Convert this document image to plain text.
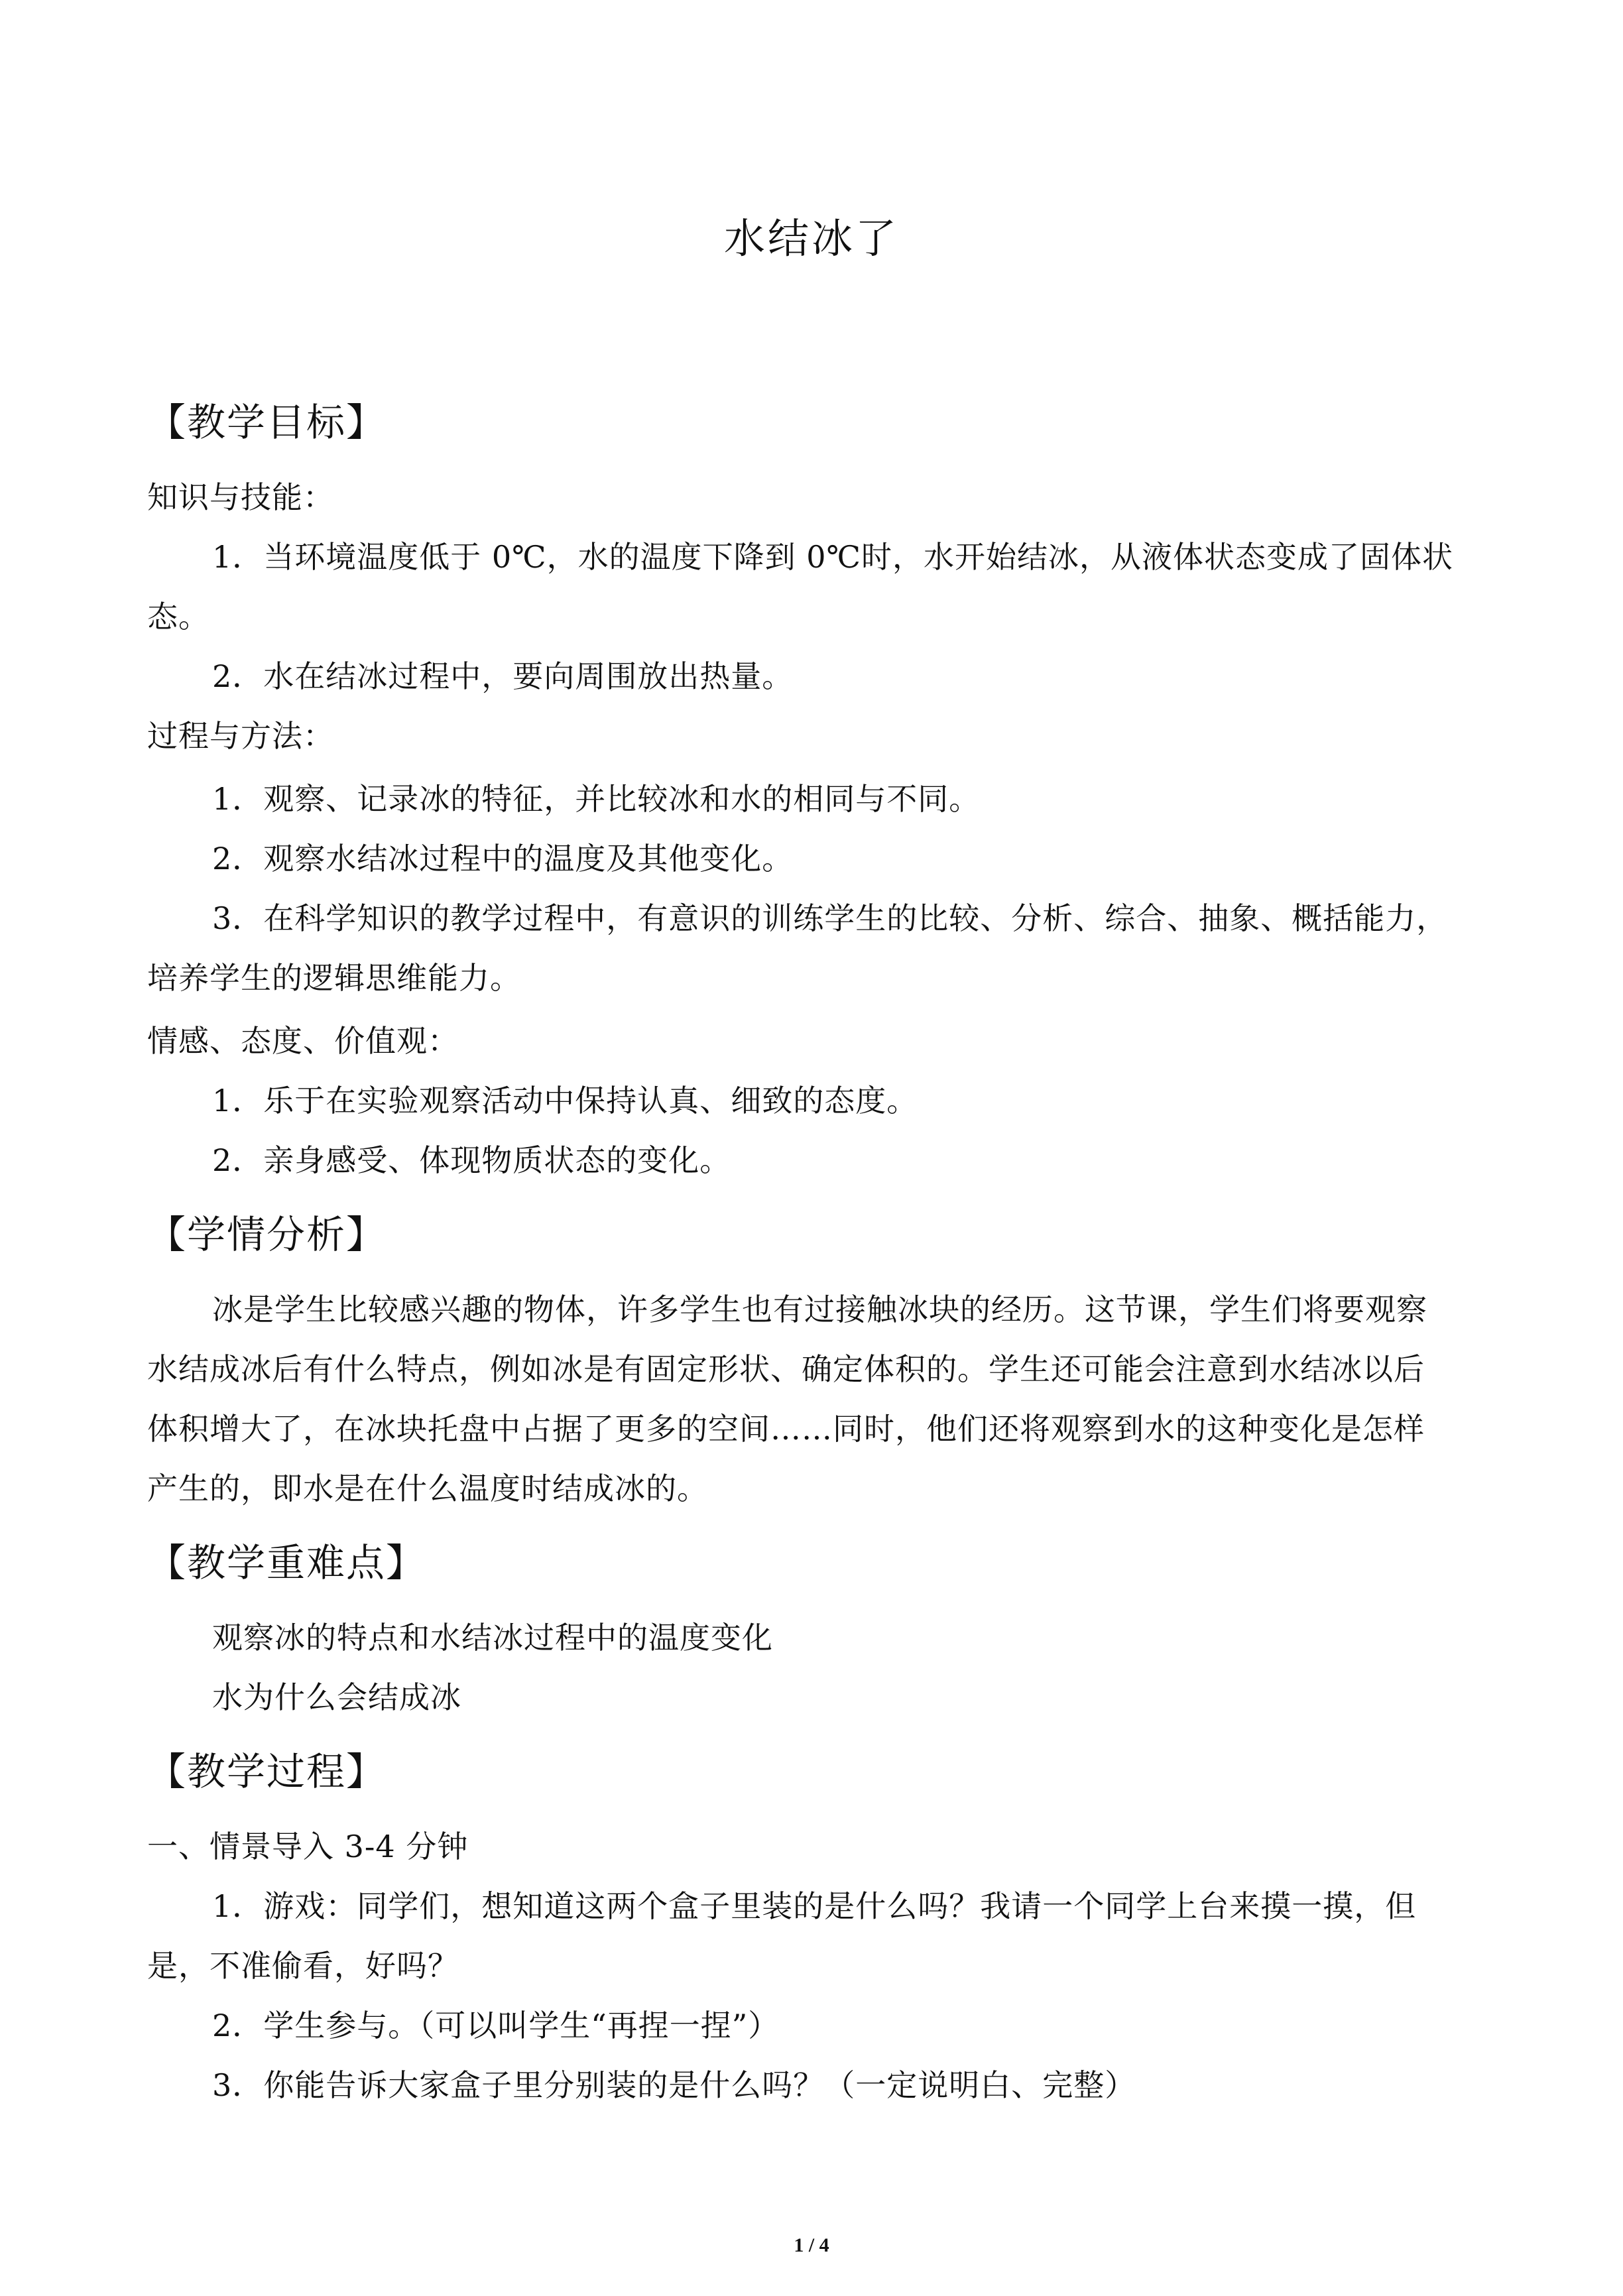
水结冰了
【教学目标】
知识与技能：
1．当环境温度低于 0℃，水的温度下降到 0℃时，水开始结冰，从液体状态变成了固体状
态。
2．水在结冰过程中，要向周围放出热量。
过程与方法：
1．观察、记录冰的特征，并比较冰和水的相同与不同。
2．观察水结冰过程中的温度及其他变化。
3．在科学知识的教学过程中，有意识的训练学生的比较、分析、综合、抽象、概括能力，
培养学生的逻辑思维能力。
情感、态度、价值观：
1．乐于在实验观察活动中保持认真、细致的态度。
2．亲身感受、体现物质状态的变化。
【学情分析】
冰是学生比较感兴趣的物体，许多学生也有过接触冰块的经历。这节课，学生们将要观察
水结成冰后有什么特点，例如冰是有固定形状、确定体积的。学生还可能会注意到水结冰以后
体积增大了，在冰块托盘中占据了更多的空间……同时，他们还将观察到水的这种变化是怎样
产生的，即水是在什么温度时结成冰的。
【教学重难点】
观察冰的特点和水结冰过程中的温度变化
水为什么会结成冰
【教学过程】
一、情景导入 3-4 分钟
1．游戏：同学们，想知道这两个盒子里装的是什么吗？我请一个同学上台来摸一摸，但
是，不准偷看，好吗？
2．学生参与。（可以叫学生“再捏一捏”）
3．你能告诉大家盒子里分别装的是什么吗？（一定说明白、完整）
1 / 4
